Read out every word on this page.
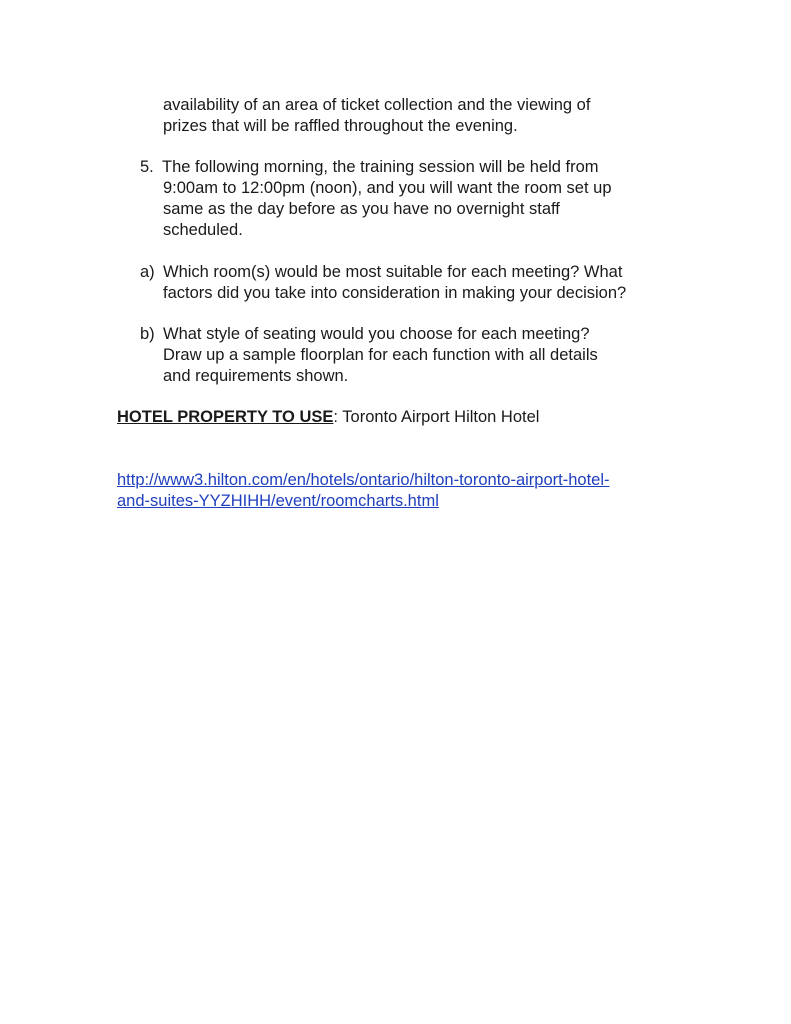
availability of an area of ticket collection and the viewing of
prizes that will be raffled throughout the evening.
5. The following morning, the training session will be held from
9:00am to 12:00pm (noon), and you will want the room set up
same as the day before as you have no overnight staff
scheduled.
a) Which room(s) would be most suitable for each meeting? What
factors did you take into consideration in making your decision?
b) What style of seating would you choose for each meeting?
Draw up a sample floorplan for each function with all details
and requirements shown.
HOTEL PROPERTY TO USE: Toronto Airport Hilton Hotel
http://www3.hilton.com/en/hotels/ontario/hilton-toronto-airport-hotel-
and-suites-YYZHIHH/event/roomcharts.html
